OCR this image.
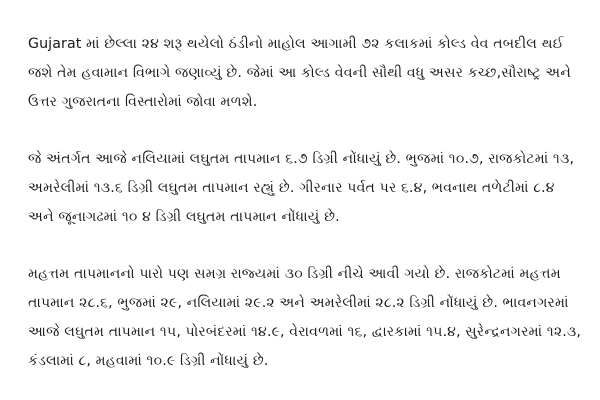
Gujarat માં છેલ્લા ૨૪ શરૂ થયેલો ઠંડીનો માહોલ આગામી ૭૨ કલાકમાં કોલ્ડ વેવ તબદીલ થઈ જશે તેમ હવામાન વિભાગે જણાવ્યું છે. જેમાં આ કોલ્ડ વેવની સૌથી વધુ અસર કચ્છ,સૌરાષ્ટ્ર અને ઉત્તર ગુજરાતના વિસ્તારોમાં જોવા મળશે.

જે અંતર્ગત આજે નલિયામાં લઘુતમ તાપમાન ૬.૭ ડિગ્રી નોંધાયું છે. ભુજમાં ૧૦.૭, રાજકોટમાં ૧૩, અમરેલીમાં ૧૩.૬ ડિગ્રી લઘુતમ તાપમાન રહ્યું છે. ગીરનાર પર્વત પર ૬.૪, ભવનાથ તળેટીમાં ૮.૪ અને જૂનાગઢમાં ૧૦ ૪ ડિગ્રી લઘુતમ તાપમાન નોંધાયું છે.

મહત્તમ તાપમાનનો પારો પણ સમગ્ર રાજ્યમાં ૩૦ ડિગ્રી નીચે આવી ગયો છે. રાજકોટમાં મહત્તમ તાપમાન ૨૮.૬, ભુજમાં ૨૯, નલિયામાં ૨૯.૨ અને અમરેલીમાં ૨૮.૨ ડિગ્રી નોંધાયું છે. ભાવનગરમાં આજે લઘુતમ તાપમાન ૧૫, પોરબંદરમાં ૧૪.૯, વેરાવળમાં ૧૬, દ્વારકામાં ૧૫.૪, સુરેન્દ્રનગરમાં ૧૨.૩, કંડલામાં ૮, મહવામાં ૧૦.૯ ડિગ્રી નોંધાયું છે.
